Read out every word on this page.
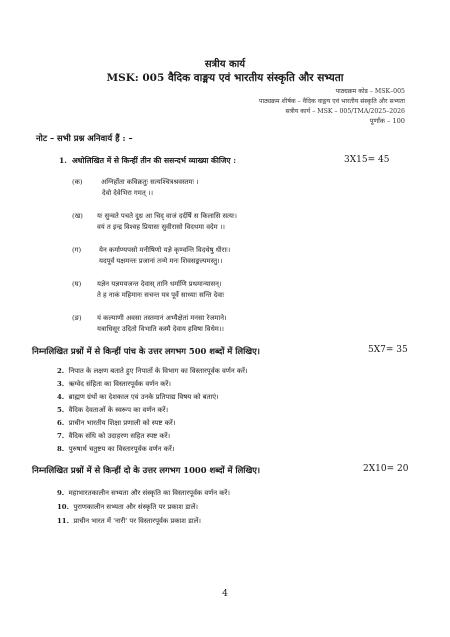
सत्रीय कार्य
MSK: 005 वैदिक वाङ्मय एवं भारतीय संस्कृति और सभ्यता
पाठ्यक्रम कोड – MSK–005
पाठ्यक्रम शीर्षक – वैदिक वाङ्मय एवं भारतीय संस्कृति और सभ्यता
सत्रीय कार्य – MSK – 005/TMA/2025–2026
पूर्णांक – 100
नोट – सभी प्रश्न अनिवार्य हैं : –
1. अधोलिखित में से किन्हीं तीन की ससन्दर्भ व्याख्या कीजिए :	3X15= 45
(क)	अग्निर्होता कविक्रतुः सत्यश्चित्रश्रवस्तमः ।
देवो देवेभिरा गमत् ।।
(ख) यः सुन्वते पचते दुध्र आ चिद् वाजं दर्दर्षि स किलासि सत्यः।
वयं त इन्द्र विश्वह प्रियासः सुवीरासो विदथमा वदेम ।।
(ग)	येन कर्माण्यपसो मनीषिणो यज्ञे कृण्वन्ति विदथेषु धीराः।
यदपूर्वं यक्षमन्तः प्रजानां तन्मे मनः शिवसङ्कल्पमस्तु।।
(घ) यज्ञेन यज्ञमयजन्त देवास् तानि धर्माणि प्रथमान्यासन्।
ते ह नाकं महिमानः सचन्त यत्र पूर्वे साध्याः सन्ति देवाः
(ङ) यं कल्याणी अवसा तस्तमानं अभ्यैक्षेतां मनसा रेजमाने।
यत्राधिसूर उदितो विभाति कस्मै देवाय हविषा विधेम।।
निम्नलिखित प्रश्नों में से किन्हीं पांच के उत्तर लगभग 500 शब्दों में लिखिए।	5X7= 35
2. निपात के लक्षण बताते हुए निपातों के विभाग का विस्तारपूर्वक वर्णन करें।
3. ऋग्वेद संहिता का विस्तारपूर्वक वर्णन करें।
4. ब्राह्मण ग्रंथों का देशकाल एवं उनके प्रतिपाद्य विषय को बताएं।
5. वैदिक देवताओं के स्वरूप का वर्णन करें।
6. प्राचीन भारतीय शिक्षा प्रणाली को स्पष्ट करें।
7. वैदिक संधि को उदाहरण सहित स्पष्ट करें।
8. पुरुषार्थ चतुष्टय का विस्तारपूर्वक वर्णन करें।
निम्नलिखित प्रश्नों में से किन्हीं दो के उत्तर लगभग 1000 शब्दों में लिखिए।	2X10= 20
9. महाभारतकालीन सभ्यता और संस्कृति का विस्तारपूर्वक वर्णन करें।
10. पुराणकालीन सभ्यता और संस्कृति पर प्रकाश डालें।
11. प्राचीन भारत में 'नारी' पर विस्तारपूर्वक प्रकाश डालें।
4
